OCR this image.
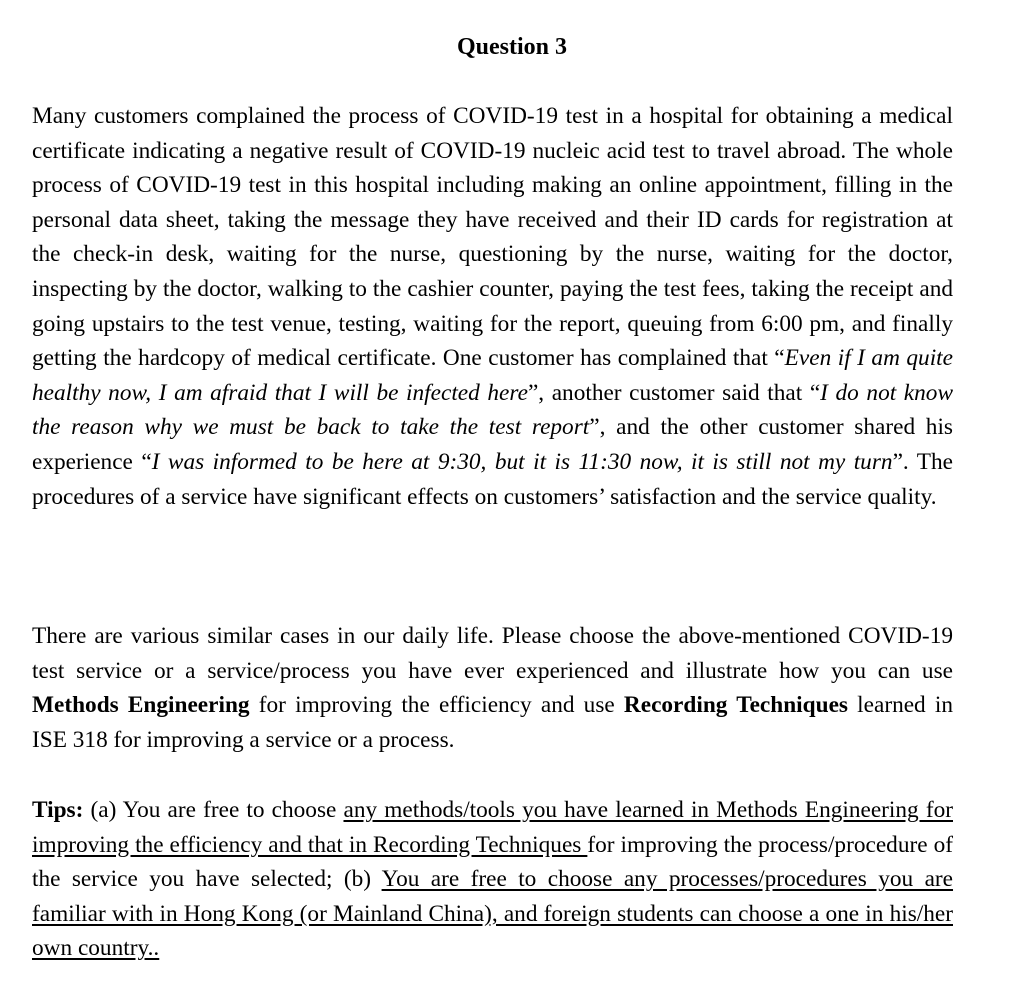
Question 3

Many customers complained the process of COVID-19 test in a hospital for obtaining a medical certificate indicating a negative result of COVID-19 nucleic acid test to travel abroad. The whole process of COVID-19 test in this hospital including making an online appointment, filling in the personal data sheet, taking the message they have received and their ID cards for registration at the check-in desk, waiting for the nurse, questioning by the nurse, waiting for the doctor, inspecting by the doctor, walking to the cashier counter, paying the test fees, taking the receipt and going upstairs to the test venue, testing, waiting for the report, queuing from 6:00 pm, and finally getting the hardcopy of medical certificate. One customer has complained that “Even if I am quite healthy now, I am afraid that I will be infected here”, another customer said that “I do not know the reason why we must be back to take the test report”, and the other customer shared his experience “I was informed to be here at 9:30, but it is 11:30 now, it is still not my turn”. The procedures of a service have significant effects on customers’ satisfaction and the service quality.

There are various similar cases in our daily life. Please choose the above-mentioned COVID-19 test service or a service/process you have ever experienced and illustrate how you can use Methods Engineering for improving the efficiency and use Recording Techniques learned in ISE 318 for improving a service or a process.

Tips: (a) You are free to choose any methods/tools you have learned in Methods Engineering for improving the efficiency and that in Recording Techniques for improving the process/procedure of the service you have selected; (b) You are free to choose any processes/procedures you are familiar with in Hong Kong (or Mainland China), and foreign students can choose a one in his/her own country..
